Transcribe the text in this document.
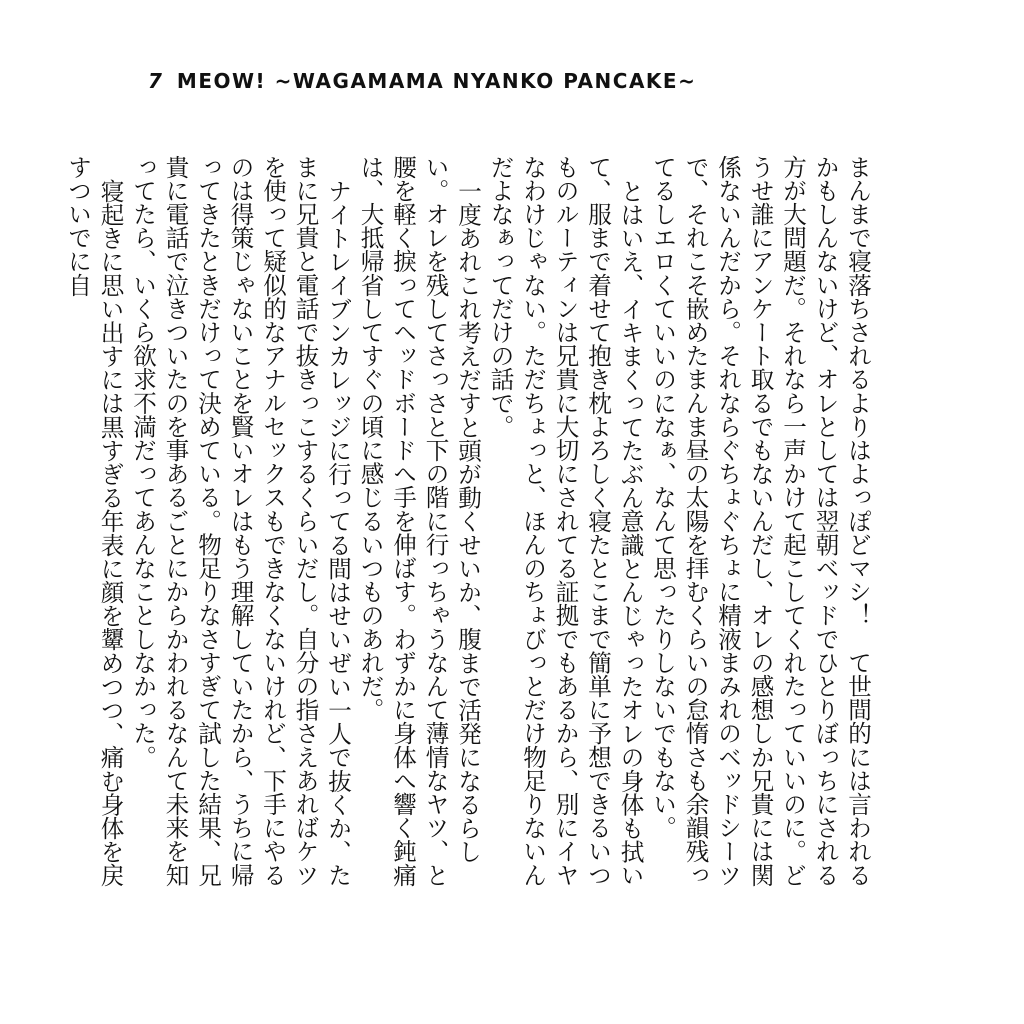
7 MEOW! ~WAGAMAMA NYANKO PANCAKE~

まんまで寝落ちされるよりはよっぽどマシ！　て世間的には言われるかもしんないけど、オレとしては翌朝ベッドでひとりぼっちにされる方が大問題だ。それなら一声かけて起こしてくれたっていいのに。どうせ誰にアンケート取るでもないんだし、オレの感想しか兄貴には関係ないんだから。それならぐちょぐちょに精液まみれのベッドシーツで、それこそ嵌めたまんま昼の太陽を拝むくらいの怠惰さも余韻残ってるしエロくていいのになぁ、なんて思ったりしないでもない。

とはいえ、イキまくってたぶん意識とんじゃったオレの身体も拭いて、服まで着せて抱き枕よろしく寝たとこまで簡単に予想できるいつものルーティンは兄貴に大切にされてる証拠でもあるから、別にイヤなわけじゃない。ただちょっと、ほんのちょびっとだけ物足りないんだよなぁってだけの話で。

一度あれこれ考えだすと頭が動くせいか、腹まで活発になるらしい。オレを残してさっさと下の階に行っちゃうなんて薄情なヤツ、と腰を軽く捩ってヘッドボードへ手を伸ばす。わずかに身体へ響く鈍痛は、大抵帰省してすぐの頃に感じるいつものあれだ。

ナイトレイブンカレッジに行ってる間はせいぜい一人で抜くか、たまに兄貴と電話で抜きっこするくらいだし。自分の指さえあればケツを使って疑似的なアナルセックスもできなくないけれど、下手にやるのは得策じゃないことを賢いオレはもう理解していたから、うちに帰ってきたときだけって決めている。物足りなさすぎて試した結果、兄貴に電話で泣きついたのを事あるごとにからかわれるなんて未来を知ってたら、いくら欲求不満だってあんなことしなかった。

寝起きに思い出すには黒すぎる年表に顔を顰めつつ、痛む身体を戻すついでに自
